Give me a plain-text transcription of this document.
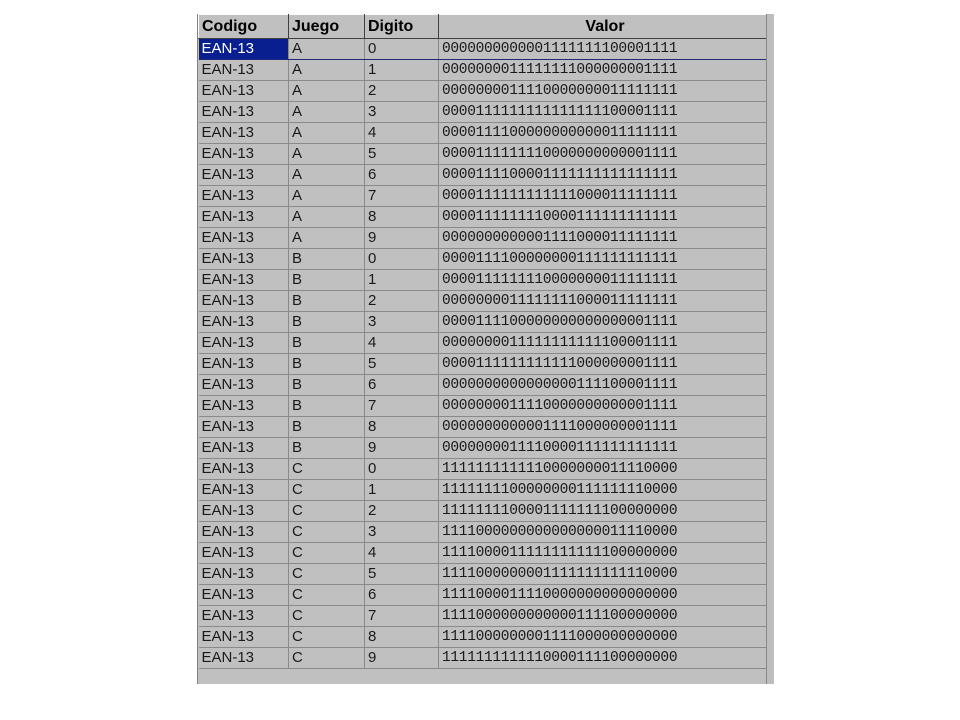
Codigo	Juego	Digito	Valor
EAN-13	A	0	0000000000001111111100001111
EAN-13	A	1	0000000011111111000000001111
EAN-13	A	2	0000000011110000000011111111
EAN-13	A	3	0000111111111111111100001111
EAN-13	A	4	0000111100000000000011111111
EAN-13	A	5	0000111111110000000000001111
EAN-13	A	6	0000111100001111111111111111
EAN-13	A	7	0000111111111111000011111111
EAN-13	A	8	0000111111110000111111111111
EAN-13	A	9	0000000000001111000011111111
EAN-13	B	0	0000111100000000111111111111
EAN-13	B	1	0000111111110000000011111111
EAN-13	B	2	0000000011111111000011111111
EAN-13	B	3	0000111100000000000000001111
EAN-13	B	4	0000000011111111111100001111
EAN-13	B	5	0000111111111111000000001111
EAN-13	B	6	0000000000000000111100001111
EAN-13	B	7	0000000011110000000000001111
EAN-13	B	8	0000000000001111000000001111
EAN-13	B	9	0000000011110000111111111111
EAN-13	C	0	1111111111110000000011110000
EAN-13	C	1	1111111100000000111111110000
EAN-13	C	2	1111111100001111111100000000
EAN-13	C	3	1111000000000000000011110000
EAN-13	C	4	1111000011111111111100000000
EAN-13	C	5	1111000000001111111111110000
EAN-13	C	6	1111000011110000000000000000
EAN-13	C	7	1111000000000000111100000000
EAN-13	C	8	1111000000001111000000000000
EAN-13	C	9	1111111111110000111100000000
